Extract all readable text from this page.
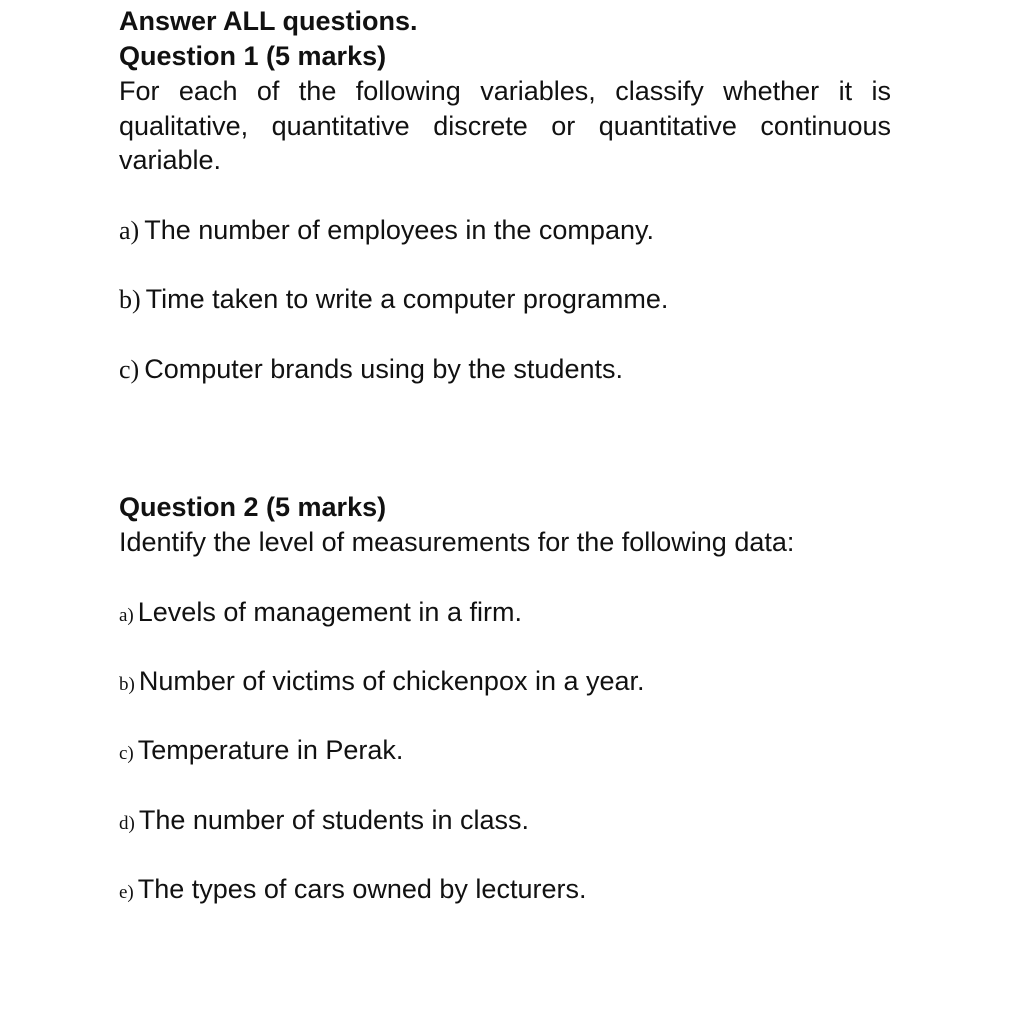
Answer ALL questions.
Question 1 (5 marks)
For each of the following variables, classify whether it is qualitative, quantitative discrete or quantitative continuous variable.
a) The number of employees in the company.
b) Time taken to write a computer programme.
c) Computer brands using by the students.
Question 2 (5 marks)
Identify the level of measurements for the following data:
a) Levels of management in a firm.
b) Number of victims of chickenpox in a year.
c) Temperature in Perak.
d) The number of students in class.
e) The types of cars owned by lecturers.
